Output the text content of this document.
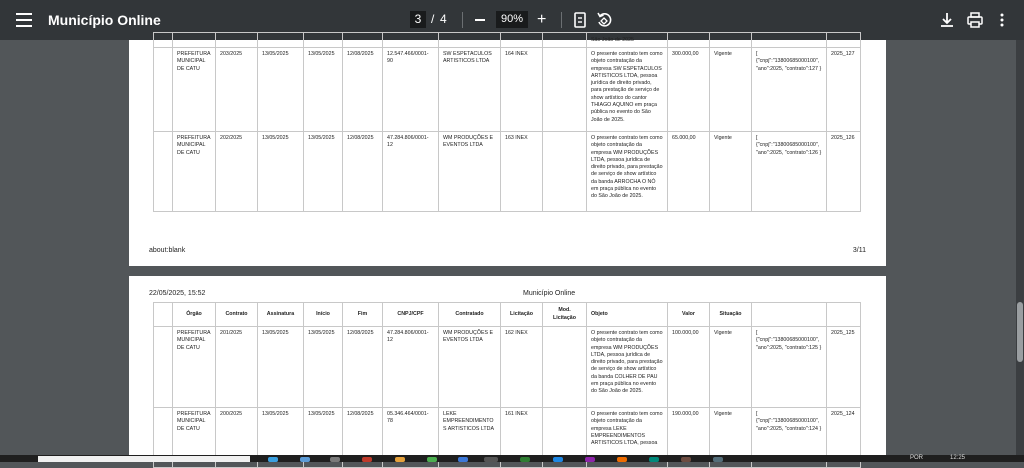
Município Online	3 / 4	90% +
										São João de 2025				
	PREFEITURA MUNICIPAL DE CATU	203/2025	13/05/2025	13/05/2025	12/08/2025	12.547.466/0001-90	SW ESPETACULOS ARTISTICOS LTDA	164 INEX		O presente contrato tem como objeto contratação da empresa SW ESPETACULOS ARTISTICOS LTDA, pessoa jurídica de direito privado, para prestação de serviço de show artístico do cantor THIAGO AQUINO em praça pública no evento do São João de 2025.	300.000,00	Vigente	[ {"cnpj":"13800685000100", "ano":2025, "contrato":127 }	2025_127
	PREFEITURA MUNICIPAL DE CATU	202/2025	13/05/2025	13/05/2025	12/08/2025	47.284.806/0001-12	WM PRODUÇÕES E EVENTOS LTDA	163 INEX		O presente contrato tem como objeto contratação da empresa WM PRODUÇÕES LTDA, pessoa jurídica de direito privado, para prestação de serviço de show artístico da banda ARROCHA O NÓ em praça pública no evento do São João de 2025.	65.000,00	Vigente	[ {"cnpj":"13800685000100", "ano":2025, "contrato":126 }	2025_126
about:blank	3/11
22/05/2025, 15:52	Município Online
	Órgão	Contrato	Assinatura	Início	Fim	CNPJ/CPF	Contratado	Licitação	Mod. Licitação	Objeto	Valor	Situação		
	PREFEITURA MUNICIPAL DE CATU	201/2025	13/05/2025	13/05/2025	12/08/2025	47.284.806/0001-12	WM PRODUÇÕES E EVENTOS LTDA	162 INEX		O presente contrato tem como objeto contratação da empresa WM PRODUÇÕES LTDA, pessoa jurídica de direito privado, para prestação de serviço de show artístico da banda COLHER DE PAU em praça pública no evento do São João de 2025.	100.000,00	Vigente	[ {"cnpj":"13800685000100", "ano":2025, "contrato":125 }	2025_125
	PREFEITURA MUNICIPAL DE CATU	200/2025	13/05/2025	13/05/2025	12/08/2025	05.346.464/0001-78	LEKE EMPREENDIMENTOS ARTISTICOS LTDA	161 INEX		O presente contrato tem como objeto contratação da empresa LEKE EMPREENDIMENTOS ARTISTICOS LTDA, pessoa	190.000,00	Vigente	[ {"cnpj":"13800685000100", "ano":2025, "contrato":124 }	2025_124
POR	12:25
